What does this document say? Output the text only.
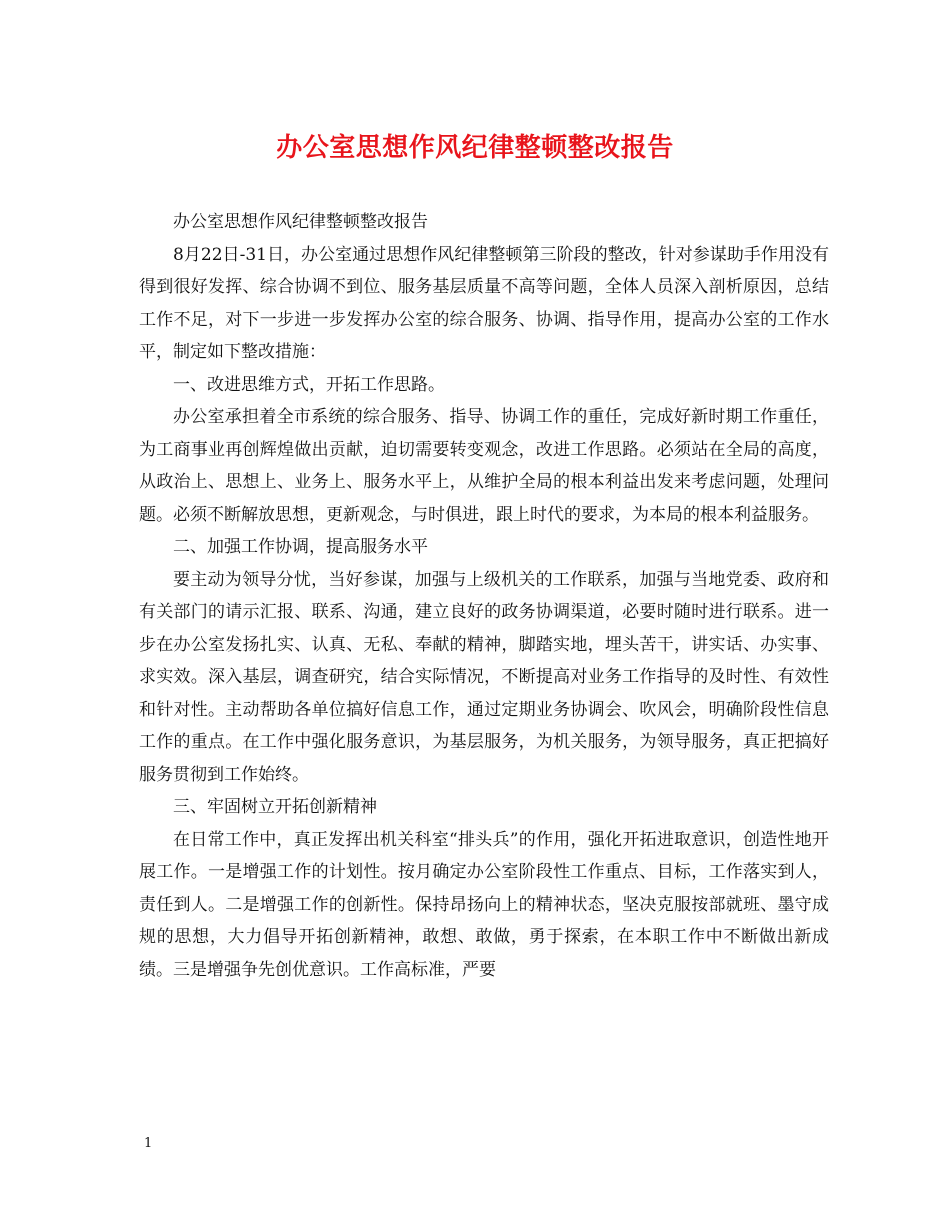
办公室思想作风纪律整顿整改报告

办公室思想作风纪律整顿整改报告

8月22日-31日，办公室通过思想作风纪律整顿第三阶段的整改，针对参谋助手作用没有得到很好发挥、综合协调不到位、服务基层质量不高等问题，全体人员深入剖析原因，总结工作不足，对下一步进一步发挥办公室的综合服务、协调、指导作用，提高办公室的工作水平，制定如下整改措施：

一、改进思维方式，开拓工作思路。

办公室承担着全市系统的综合服务、指导、协调工作的重任，完成好新时期工作重任，为工商事业再创辉煌做出贡献，迫切需要转变观念，改进工作思路。必须站在全局的高度，从政治上、思想上、业务上、服务水平上，从维护全局的根本利益出发来考虑问题，处理问题。必须不断解放思想，更新观念，与时俱进，跟上时代的要求，为本局的根本利益服务。

二、加强工作协调，提高服务水平

要主动为领导分忧，当好参谋，加强与上级机关的工作联系，加强与当地党委、政府和有关部门的请示汇报、联系、沟通，建立良好的政务协调渠道，必要时随时进行联系。进一步在办公室发扬扎实、认真、无私、奉献的精神，脚踏实地，埋头苦干，讲实话、办实事、求实效。深入基层，调查研究，结合实际情况，不断提高对业务工作指导的及时性、有效性和针对性。主动帮助各单位搞好信息工作，通过定期业务协调会、吹风会，明确阶段性信息工作的重点。在工作中强化服务意识，为基层服务，为机关服务，为领导服务，真正把搞好服务贯彻到工作始终。

三、牢固树立开拓创新精神

在日常工作中，真正发挥出机关科室“排头兵”的作用，强化开拓进取意识，创造性地开展工作。一是增强工作的计划性。按月确定办公室阶段性工作重点、目标，工作落实到人，责任到人。二是增强工作的创新性。保持昂扬向上的精神状态，坚决克服按部就班、墨守成规的思想，大力倡导开拓创新精神，敢想、敢做，勇于探索，在本职工作中不断做出新成绩。三是增强争先创优意识。工作高标准，严要

1
